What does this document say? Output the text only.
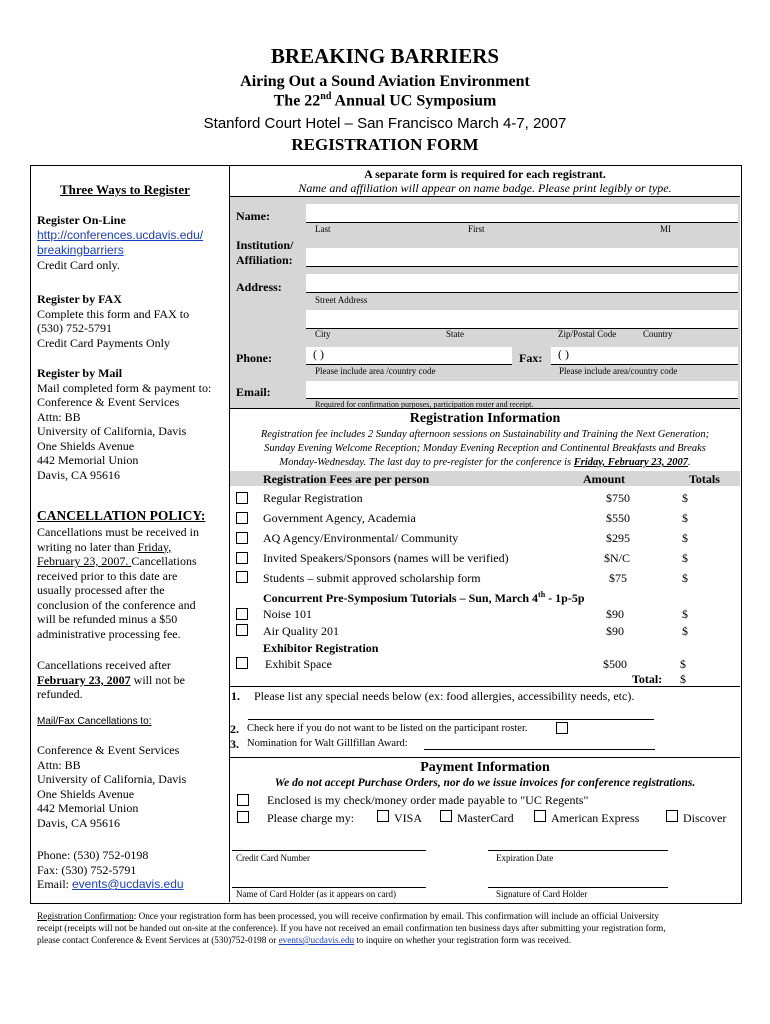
BREAKING BARRIERS
Airing Out a Sound Aviation Environment
The 22nd Annual UC Symposium
Stanford Court Hotel – San Francisco March 4-7, 2007
REGISTRATION FORM
A separate form is required for each registrant.
Name and affiliation will appear on name badge. Please print legibly or type.
Name:
Last	First	MI
Institution/
Affiliation:
Address:
Street Address
City	State	Zip/Postal Code	Country
Phone:	( )
Please include area /country code
Fax: ( )
Please include area/country code
Email:
Required for confirmation purposes, participation roster and receipt.
Three Ways to Register
Register On-Line
http://conferences.ucdavis.edu/
breakingbarriers
Credit Card only.
Register by FAX
Complete this form and FAX to
(530) 752-5791
Credit Card Payments Only
Register by Mail
Mail completed form & payment to:
Conference & Event Services
Attn: BB
University of California, Davis
One Shields Avenue
442 Memorial Union
Davis, CA 95616
CANCELLATION POLICY:
Cancellations must be received in
writing no later than Friday,
February 23, 2007. Cancellations
received prior to this date are
usually processed after the
conclusion of the conference and
will be refunded minus a $50
administrative processing fee.
Cancellations received after
February 23, 2007 will not be
refunded.
Mail/Fax Cancellations to:
Conference & Event Services
Attn: BB
University of California, Davis
One Shields Avenue
442 Memorial Union
Davis, CA 95616
Phone: (530) 752-0198
Fax: (530) 752-5791
Email: events@ucdavis.edu
Registration Information
Registration fee includes 2 Sunday afternoon sessions on Sustainability and Training the Next Generation;
Sunday Evening Welcome Reception; Monday Evening Reception and Continental Breakfasts and Breaks
Monday-Wednesday. The last day to pre-register for the conference is Friday, February 23, 2007.
Registration Fees are per person	Amount	Totals
Regular Registration	$750	$
Government Agency, Academia	$550	$
AQ Agency/Environmental/ Community	$295	$
Invited Speakers/Sponsors (names will be verified)	$N/C	$
Students – submit approved scholarship form	$75	$
Concurrent Pre-Symposium Tutorials – Sun, March 4th - 1p-5p
Noise 101	$90	$
Air Quality 201	$90	$
Exhibitor Registration
Exhibit Space	$500	$
Total: $
1. Please list any special needs below (ex: food allergies, accessibility needs, etc).
2. Check here if you do not want to be listed on the participant roster.
3. Nomination for Walt Gillfillan Award:
Payment Information
We do not accept Purchase Orders, nor do we issue invoices for conference registrations.
Enclosed is my check/money order made payable to "UC Regents"
Please charge my:	VISA	MasterCard	American Express	Discover
Credit Card Number	Expiration Date
Name of Card Holder (as it appears on card)	Signature of Card Holder
Registration Confirmation: Once your registration form has been processed, you will receive confirmation by email. This confirmation will include an official University
receipt (receipts will not be handed out on-site at the conference). If you have not received an email confirmation ten business days after submitting your registration form,
please contact Conference & Event Services at (530)752-0198 or events@ucdavis.edu to inquire on whether your registration form was received.
